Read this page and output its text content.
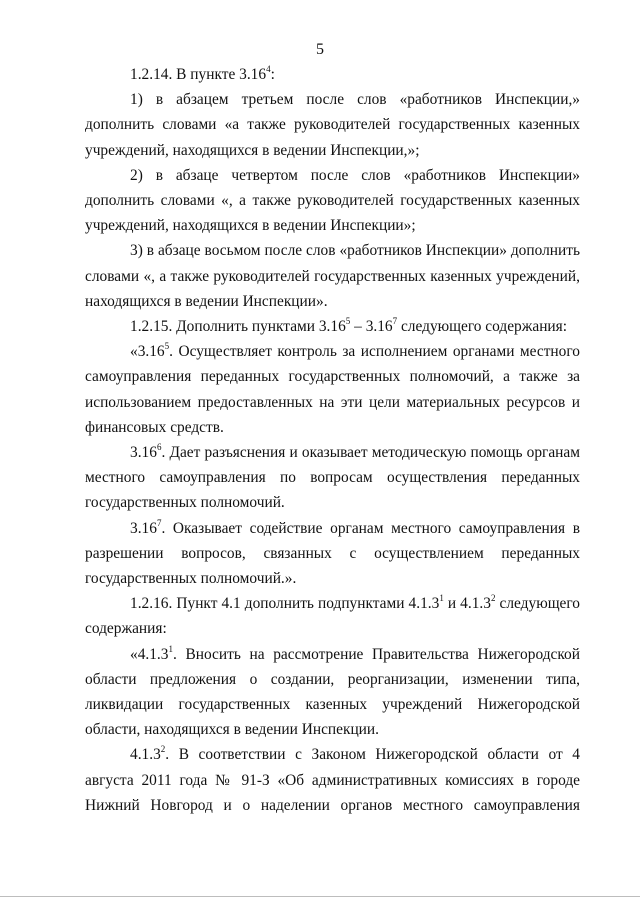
5

1.2.14. В пункте 3.16$^4$:

1) в абзацем третьем после слов «работников Инспекции,» дополнить словами «а также руководителей государственных казенных учреждений, находящихся в ведении Инспекции,»;

2) в абзаце четвертом после слов «работников Инспекции» дополнить словами «, а также руководителей государственных казенных учреждений, находящихся в ведении Инспекции»;

3) в абзаце восьмом после слов «работников Инспекции» дополнить словами «, а также руководителей государственных казенных учреждений, находящихся в ведении Инспекции».

1.2.15. Дополнить пунктами 3.16$^5$ – 3.16$^7$ следующего содержания:

«3.16$^5$. Осуществляет контроль за исполнением органами местного самоуправления переданных государственных полномочий, а также за использованием предоставленных на эти цели материальных ресурсов и финансовых средств.

3.16$^6$. Дает разъяснения и оказывает методическую помощь органам местного самоуправления по вопросам осуществления переданных государственных полномочий.

3.16$^7$. Оказывает содействие органам местного самоуправления в разрешении вопросов, связанных с осуществлением переданных государственных полномочий.».

1.2.16. Пункт 4.1 дополнить подпунктами 4.1.3$^1$ и 4.1.3$^2$ следующего содержания:

«4.1.3$^1$. Вносить на рассмотрение Правительства Нижегородской области предложения о создании, реорганизации, изменении типа, ликвидации государственных казенных учреждений Нижегородской области, находящихся в ведении Инспекции.

4.1.3$^2$. В соответствии с Законом Нижегородской области от 4 августа 2011 года № 91-З «Об административных комиссиях в городе Нижний Новгород и о наделении органов местного самоуправления
